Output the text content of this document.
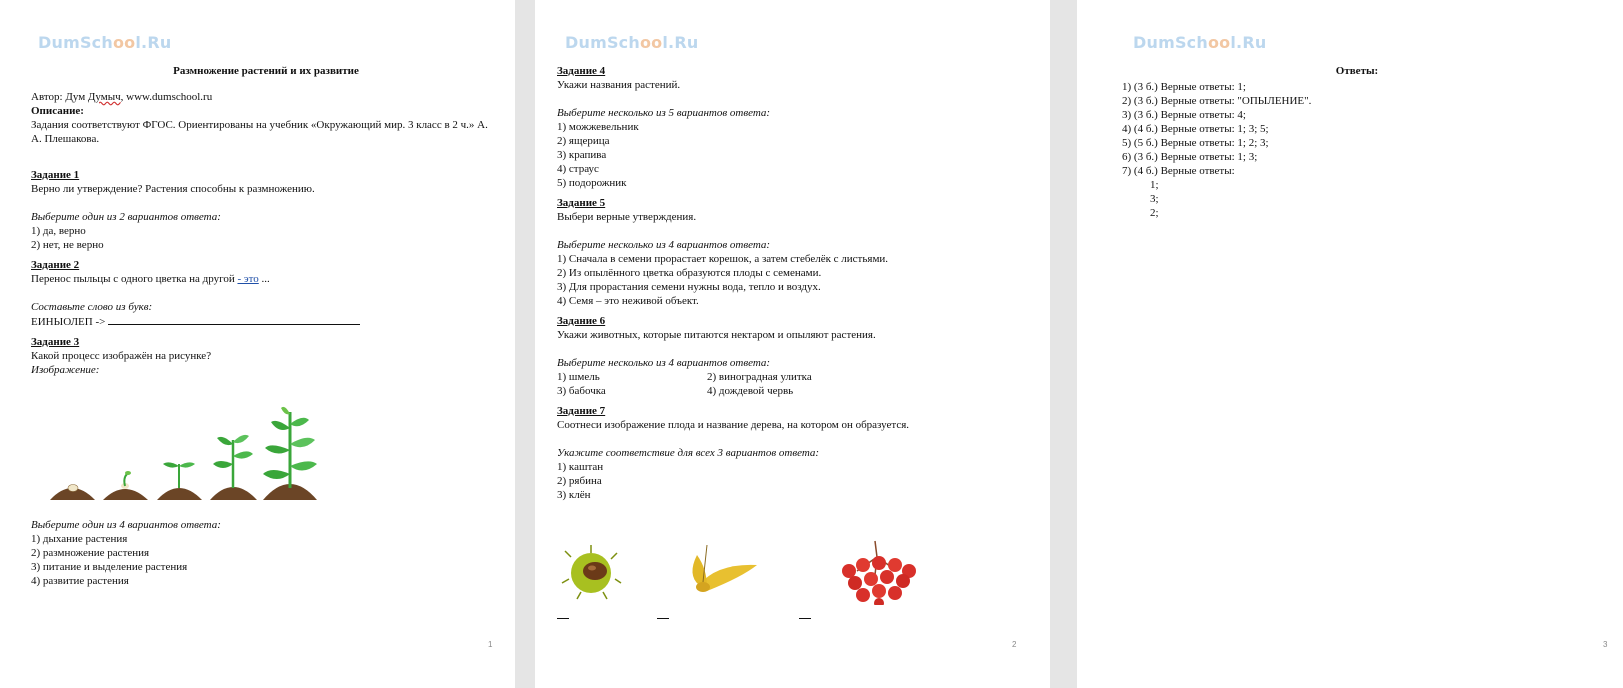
DumSchool.Ru
Размножение растений и их развитие
Автор: Дум Думыч, www.dumschool.ru
Описание:
Задания соответствуют ФГОС. Ориентированы на учебник «Окружающий мир. 3 класс в 2 ч.» А. А. Плешакова.
Задание 1
Верно ли утверждение? Растения способны к размножению.
Выберите один из 2 вариантов ответа:
1) да, верно
2) нет, не верно
Задание 2
Перенос пыльцы с одного цветка на другой - это ...
Составьте слово из букв:
ЕИНЫОЛЕП ->
Задание 3
Какой процесс изображён на рисунке?
Изображение:
Выберите один из 4 вариантов ответа:
1) дыхание растения
2) размножение растения
3) питание и выделение растения
4) развитие растения
1
DumSchool.Ru
Задание 4
Укажи названия растений.
Выберите несколько из 5 вариантов ответа:
1) можжевельник
2) ящерица
3) крапива
4) страус
5) подорожник
Задание 5
Выбери верные утверждения.
Выберите несколько из 4 вариантов ответа:
1) Сначала в семени прорастает корешок, а затем стебелёк с листьями.
2) Из опылённого цветка образуются плоды с семенами.
3) Для прорастания семени нужны вода, тепло и воздух.
4) Семя – это неживой объект.
Задание 6
Укажи животных, которые питаются нектаром и опыляют растения.
Выберите несколько из 4 вариантов ответа:
1) шмель	2) виноградная улитка
3) бабочка	4) дождевой червь
Задание 7
Соотнеси изображение плода и название дерева, на котором он образуется.
Укажите соответствие для всех 3 вариантов ответа:
1) каштан
2) рябина
3) клён
2
DumSchool.Ru
Ответы:
1) (3 б.) Верные ответы: 1;
2) (3 б.) Верные ответы: "ОПЫЛЕНИЕ".
3) (3 б.) Верные ответы: 4;
4) (4 б.) Верные ответы: 1; 3; 5;
5) (5 б.) Верные ответы: 1; 2; 3;
6) (3 б.) Верные ответы: 1; 3;
7) (4 б.) Верные ответы:
1;
3;
2;
3
